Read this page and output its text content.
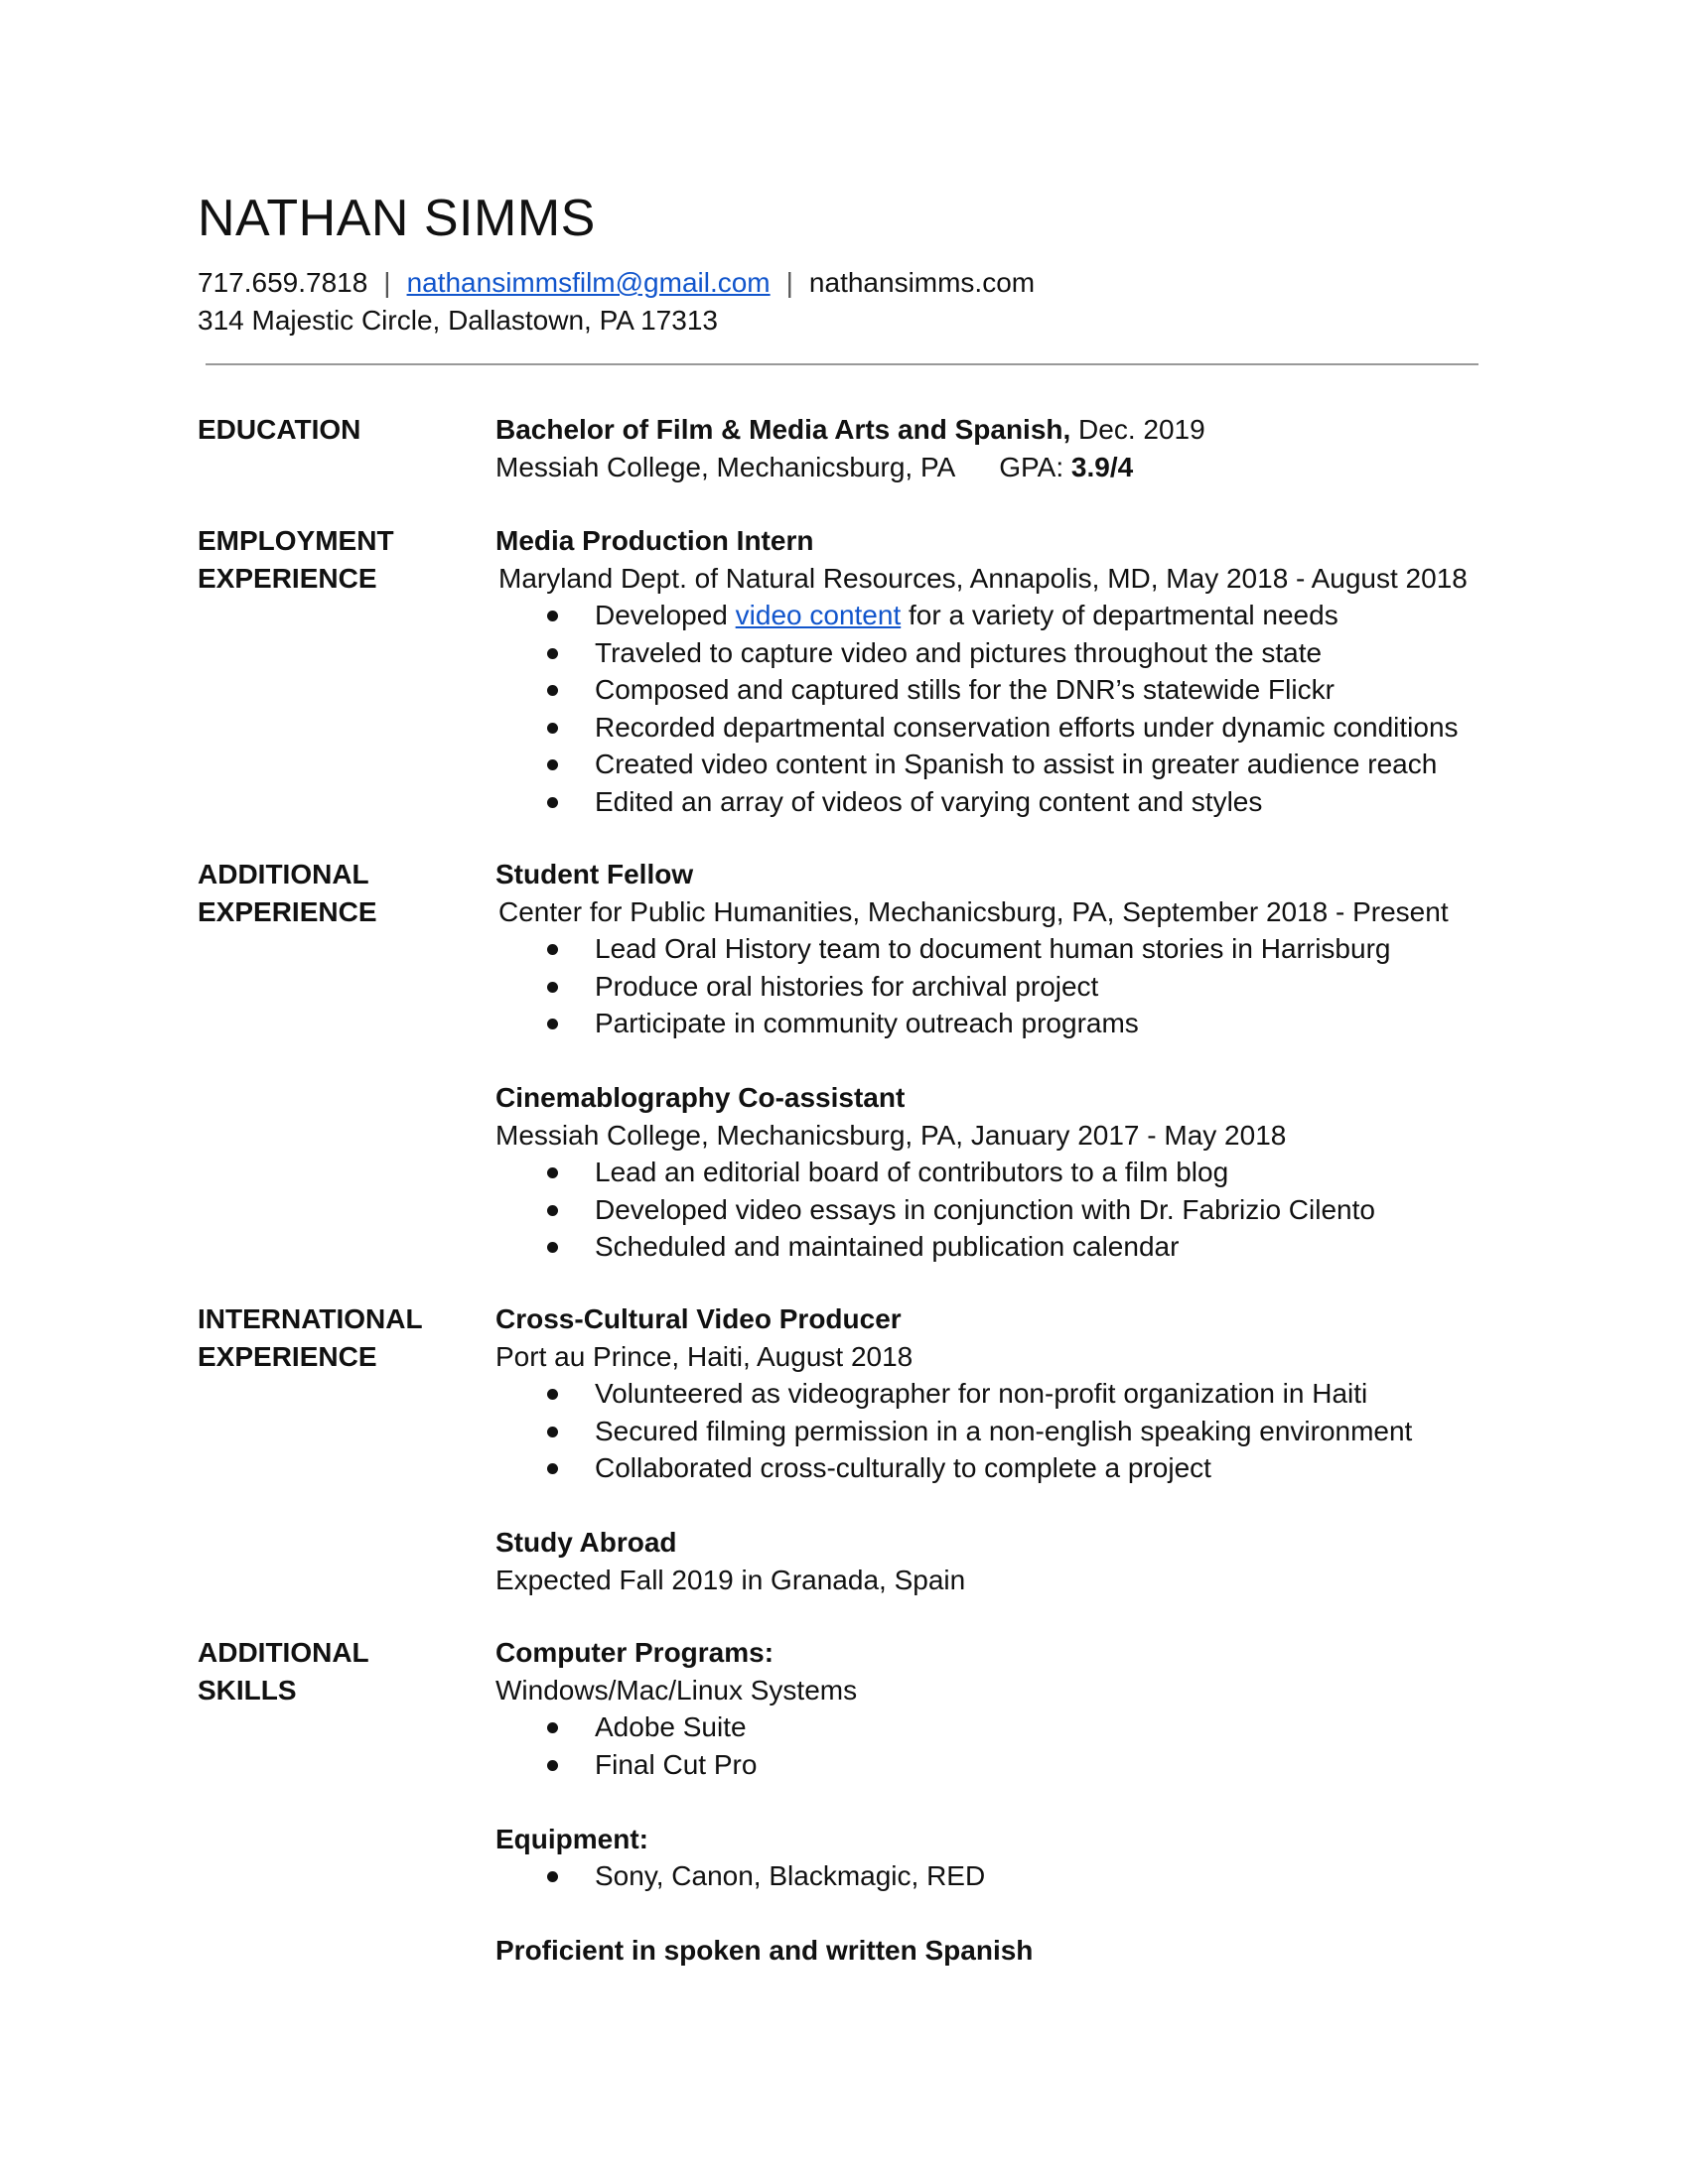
NATHAN SIMMS
717.659.7818 | nathansimmsfilm@gmail.com | nathansimms.com
314 Majestic Circle, Dallastown, PA 17313
EDUCATION	Bachelor of Film & Media Arts and Spanish, Dec. 2019
Messiah College, Mechanicsburg, PA GPA: 3.9/4
EMPLOYMENT
EXPERIENCE
Media Production Intern
Maryland Dept. of Natural Resources, Annapolis, MD, May 2018 - August 2018
Developed video content for a variety of departmental needs
Traveled to capture video and pictures throughout the state
Composed and captured stills for the DNR’s statewide Flickr
Recorded departmental conservation efforts under dynamic conditions
Created video content in Spanish to assist in greater audience reach
Edited an array of videos of varying content and styles
ADDITIONAL
EXPERIENCE
Student Fellow
Center for Public Humanities, Mechanicsburg, PA, September 2018 - Present
Lead Oral History team to document human stories in Harrisburg
Produce oral histories for archival project
Participate in community outreach programs
Cinemablography Co-assistant
Messiah College, Mechanicsburg, PA, January 2017 - May 2018
Lead an editorial board of contributors to a film blog
Developed video essays in conjunction with Dr. Fabrizio Cilento
Scheduled and maintained publication calendar
INTERNATIONAL
EXPERIENCE
Cross-Cultural Video Producer
Port au Prince, Haiti, August 2018
Volunteered as videographer for non-profit organization in Haiti
Secured filming permission in a non-english speaking environment
Collaborated cross-culturally to complete a project
Study Abroad
Expected Fall 2019 in Granada, Spain
ADDITIONAL
SKILLS
Computer Programs:
Windows/Mac/Linux Systems
Adobe Suite
Final Cut Pro
Equipment:
Sony, Canon, Blackmagic, RED
Proficient in spoken and written Spanish
